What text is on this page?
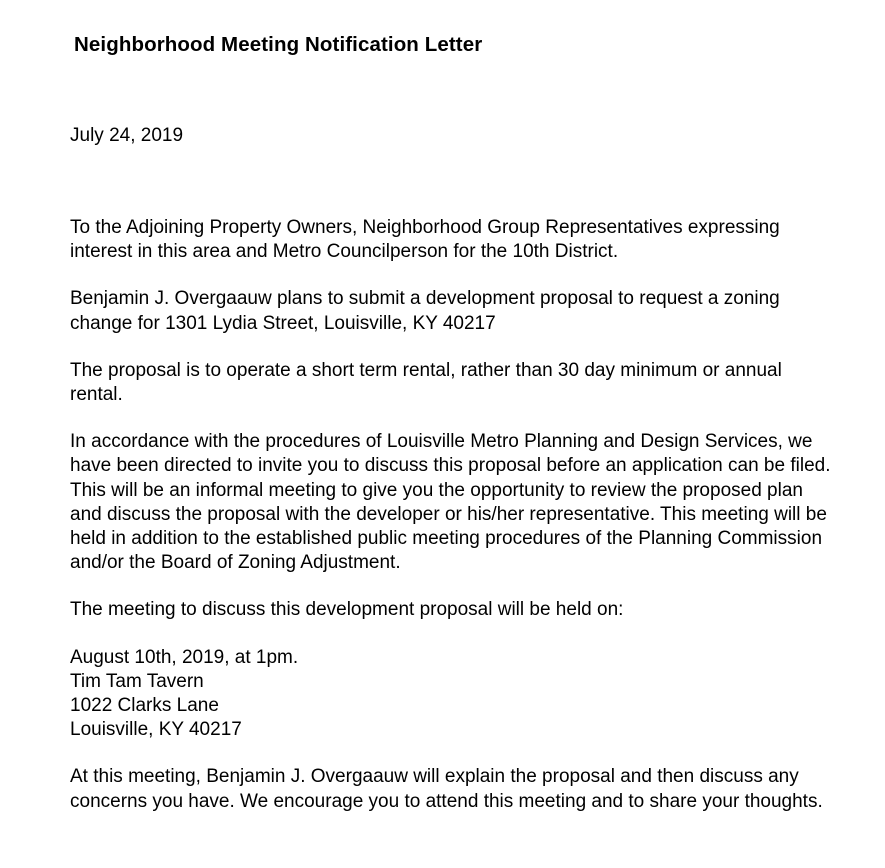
Neighborhood Meeting Notification Letter
July 24, 2019

To the Adjoining Property Owners, Neighborhood Group Representatives expressing interest in this area and Metro Councilperson for the 10th District.

Benjamin J. Overgaauw plans to submit a development proposal to request a zoning change for 1301 Lydia Street, Louisville, KY 40217

The proposal is to operate a short term rental, rather than 30 day minimum or annual rental.

In accordance with the procedures of Louisville Metro Planning and Design Services, we have been directed to invite you to discuss this proposal before an application can be filed. This will be an informal meeting to give you the opportunity to review the proposed plan and discuss the proposal with the developer or his/her representative. This meeting will be held in addition to the established public meeting procedures of the Planning Commission and/or the Board of Zoning Adjustment.

The meeting to discuss this development proposal will be held on:

August 10th, 2019, at 1pm.
Tim Tam Tavern
1022 Clarks Lane
Louisville, KY 40217

At this meeting, Benjamin J. Overgaauw will explain the proposal and then discuss any concerns you have. We encourage you to attend this meeting and to share your thoughts.
